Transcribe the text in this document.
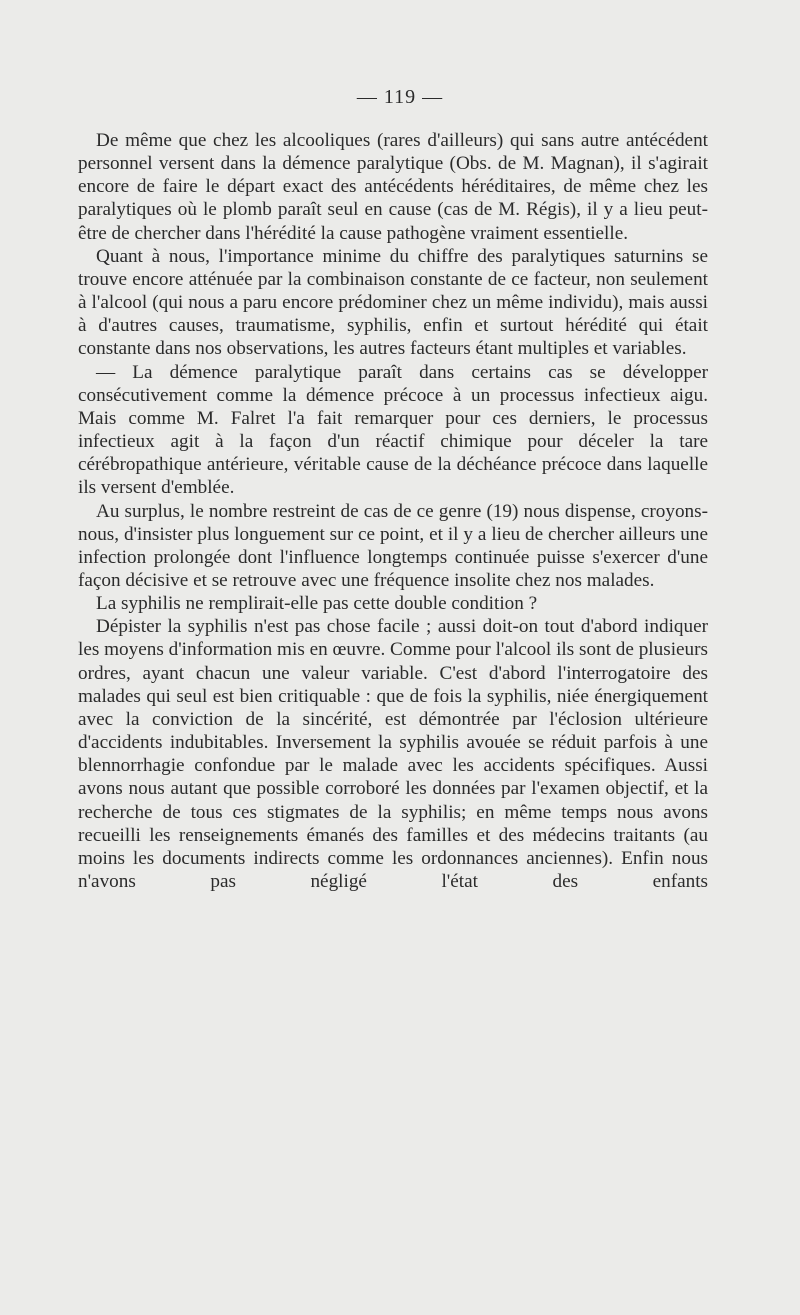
— 119 —

De même que chez les alcooliques (rares d'ailleurs) qui sans autre antécédent personnel versent dans la démence paralytique (Obs. de M. Magnan), il s'agirait encore de faire le départ exact des antécédents héréditaires, de même chez les paralytiques où le plomb paraît seul en cause (cas de M. Régis), il y a lieu peut-être de chercher dans l'hérédité la cause pathogène vraiment essentielle.

Quant à nous, l'importance minime du chiffre des paralytiques saturnins se trouve encore atténuée par la combinaison constante de ce facteur, non seulement à l'alcool (qui nous a paru encore prédominer chez un même individu), mais aussi à d'autres causes, traumatisme, syphilis, enfin et surtout hérédité qui était constante dans nos observations, les autres facteurs étant multiples et variables.

— La démence paralytique paraît dans certains cas se développer consécutivement comme la démence précoce à un processus infectieux aigu. Mais comme M. Falret l'a fait remarquer pour ces derniers, le processus infectieux agit à la façon d'un réactif chimique pour déceler la tare cérébropathique antérieure, véritable cause de la déchéance précoce dans laquelle ils versent d'emblée.

Au surplus, le nombre restreint de cas de ce genre (19) nous dispense, croyons-nous, d'insister plus longuement sur ce point, et il y a lieu de chercher ailleurs une infection prolongée dont l'influence longtemps continuée puisse s'exercer d'une façon décisive et se retrouve avec une fréquence insolite chez nos malades.

La syphilis ne remplirait-elle pas cette double condition ?

Dépister la syphilis n'est pas chose facile ; aussi doit-on tout d'abord indiquer les moyens d'information mis en œuvre. Comme pour l'alcool ils sont de plusieurs ordres, ayant chacun une valeur variable. C'est d'abord l'interrogatoire des malades qui seul est bien critiquable : que de fois la syphilis, niée énergiquement avec la conviction de la sincérité, est démontrée par l'éclosion ultérieure d'accidents indubitables. Inversement la syphilis avouée se réduit parfois à une blennorrhagie confondue par le malade avec les accidents spécifiques. Aussi avons nous autant que possible corroboré les données par l'examen objectif, et la recherche de tous ces stigmates de la syphilis; en même temps nous avons recueilli les renseignements émanés des familles et des médecins traitants (au moins les documents indirects comme les ordonnances anciennes). Enfin nous n'avons pas négligé l'état des enfants
